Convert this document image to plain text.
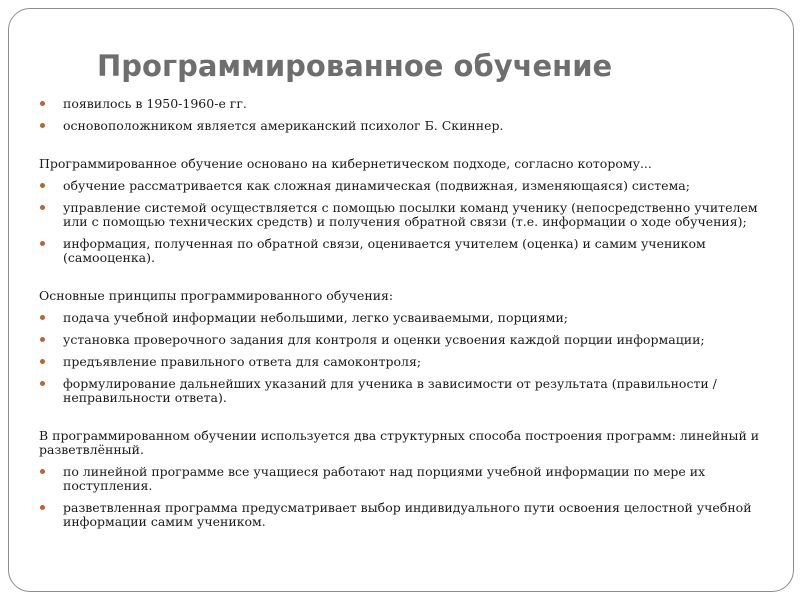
Программированное обучение
появилось в 1950-1960-е гг.
основоположником является американский психолог Б. Скиннер.
Программированное обучение основано на кибернетическом подходе, согласно которому...
обучение рассматривается как сложная динамическая (подвижная, изменяющаяся) система;
управление системой осуществляется с помощью посылки команд ученику (непосредственно учителем или с помощью технических средств) и получения обратной связи (т.е. информации о ходе обучения);
информация, полученная по обратной связи, оценивается учителем (оценка) и самим учеником (самооценка).
Основные принципы программированного обучения:
подача учебной информации небольшими, легко усваиваемыми, порциями;
установка проверочного задания для контроля и оценки усвоения каждой порции информации;
предъявление правильного ответа для самоконтроля;
формулирование дальнейших указаний для ученика в зависимости от результата (правильности / неправильности ответа).
В программированном обучении используется два структурных способа построения программ: линейный и разветвлённый.
по линейной программе все учащиеся работают над порциями учебной информации по мере их поступления.
разветвленная программа предусматривает выбор индивидуального пути освоения целостной учебной информации самим учеником.
